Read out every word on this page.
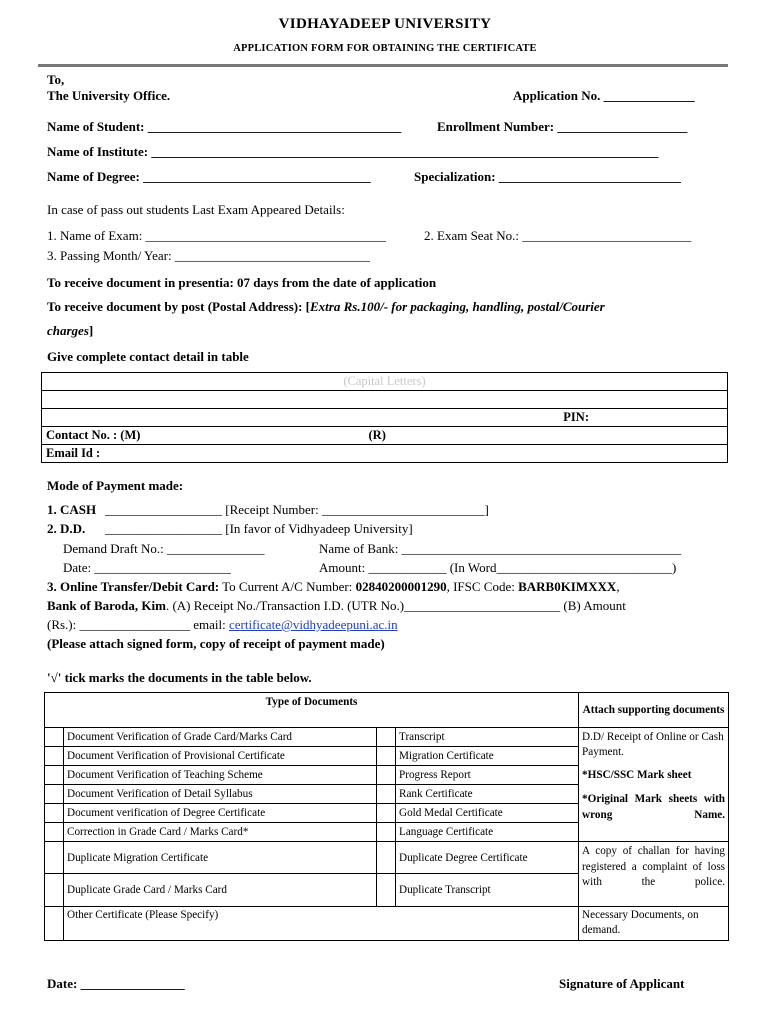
VIDHAYADEEP UNIVERSITY
APPLICATION FORM FOR OBTAINING THE CERTIFICATE
To,
The University Office.	Application No. ______________
Name of Student: _______________________________________	Enrollment Number: ____________________
Name of Institute: ______________________________________________________________________________
Name of Degree: ___________________________________	Specialization: ____________________________
In case of pass out students Last Exam Appeared Details:
1. Name of Exam: _____________________________________	2. Exam Seat No.: __________________________
3. Passing Month/ Year: ______________________________
To receive document in presentia: 07 days from the date of application
To receive document by post (Postal Address): [Extra Rs.100/- for packaging, handling, postal/Courier
charges]
Give complete contact detail in table
(Capital Letters)

PIN:
Contact No. : (M)	(R)

Email Id :
Mode of Payment made:
1. CASH __________________ [Receipt Number: _________________________]
2. D.D. __________________ [In favor of Vidhyadeep University]
Demand Draft No.: _______________	Name of Bank: ___________________________________________
Date: _____________________	Amount: ____________ (In Word___________________________)
3. Online Transfer/Debit Card: To Current A/C Number: 02840200001290, IFSC Code: BARB0KIMXXX,
Bank of Baroda, Kim. (A) Receipt No./Transaction I.D. (UTR No.)________________________ (B) Amount
(Rs.): _________________ email: certificate@vidhyadeepuni.ac.in
(Please attach signed form, copy of receipt of payment made)
'√' tick marks the documents in the table below.
Type of Documents				Attach supporting documents
	Document Verification of Grade Card/Marks Card		Transcript	D.D/ Receipt of Online or Cash Payment.
*HSC/SSC Mark sheet
*Original Mark sheets with wrong Name.

	Document Verification of Provisional Certificate		Migration Certificate	
	Document Verification of Teaching Scheme		Progress Report	
	Document Verification of Detail Syllabus		Rank Certificate	
	Document verification of Degree Certificate		Gold Medal Certificate	
	Correction in Grade Card / Marks Card*		Language Certificate	
	Duplicate Migration Certificate		Duplicate Degree Certificate	A copy of challan for having registered a complaint of loss with the police.
	Duplicate Grade Card / Marks Card		Duplicate Transcript	
	Other Certificate (Please Specify)			Necessary Documents, on demand.
Date: ________________	Signature of Applicant
